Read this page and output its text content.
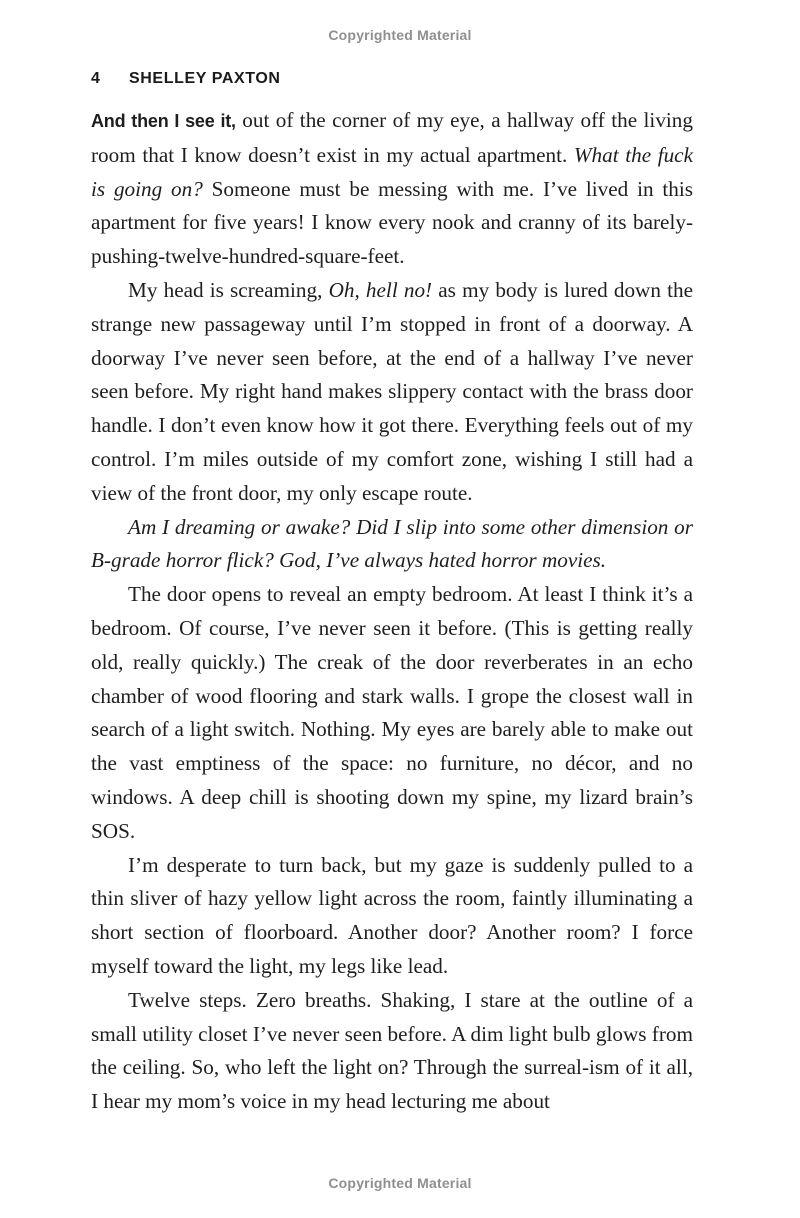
Copyrighted Material
4 SHELLEY PAXTON

And then I see it, out of the corner of my eye, a hallway off the living room that I know doesn’t exist in my actual apartment. What the fuck is going on? Someone must be messing with me. I’ve lived in this apartment for five years! I know every nook and cranny of its barely-pushing-twelve-hundred-square-feet.

My head is screaming, Oh, hell no! as my body is lured down the strange new passageway until I’m stopped in front of a doorway. A doorway I’ve never seen before, at the end of a hallway I’ve never seen before. My right hand makes slippery contact with the brass door handle. I don’t even know how it got there. Everything feels out of my control. I’m miles outside of my comfort zone, wishing I still had a view of the front door, my only escape route.

Am I dreaming or awake? Did I slip into some other dimension or B-grade horror flick? God, I’ve always hated horror movies.

The door opens to reveal an empty bedroom. At least I think it’s a bedroom. Of course, I’ve never seen it before. (This is getting really old, really quickly.) The creak of the door reverberates in an echo chamber of wood flooring and stark walls. I grope the closest wall in search of a light switch. Nothing. My eyes are barely able to make out the vast emptiness of the space: no furniture, no décor, and no windows. A deep chill is shooting down my spine, my lizard brain’s SOS.

I’m desperate to turn back, but my gaze is suddenly pulled to a thin sliver of hazy yellow light across the room, faintly illuminating a short section of floorboard. Another door? Another room? I force myself toward the light, my legs like lead.

Twelve steps. Zero breaths. Shaking, I stare at the outline of a small utility closet I’ve never seen before. A dim light bulb glows from the ceiling. So, who left the light on? Through the surreal-ism of it all, I hear my mom’s voice in my head lecturing me about

Copyrighted Material
